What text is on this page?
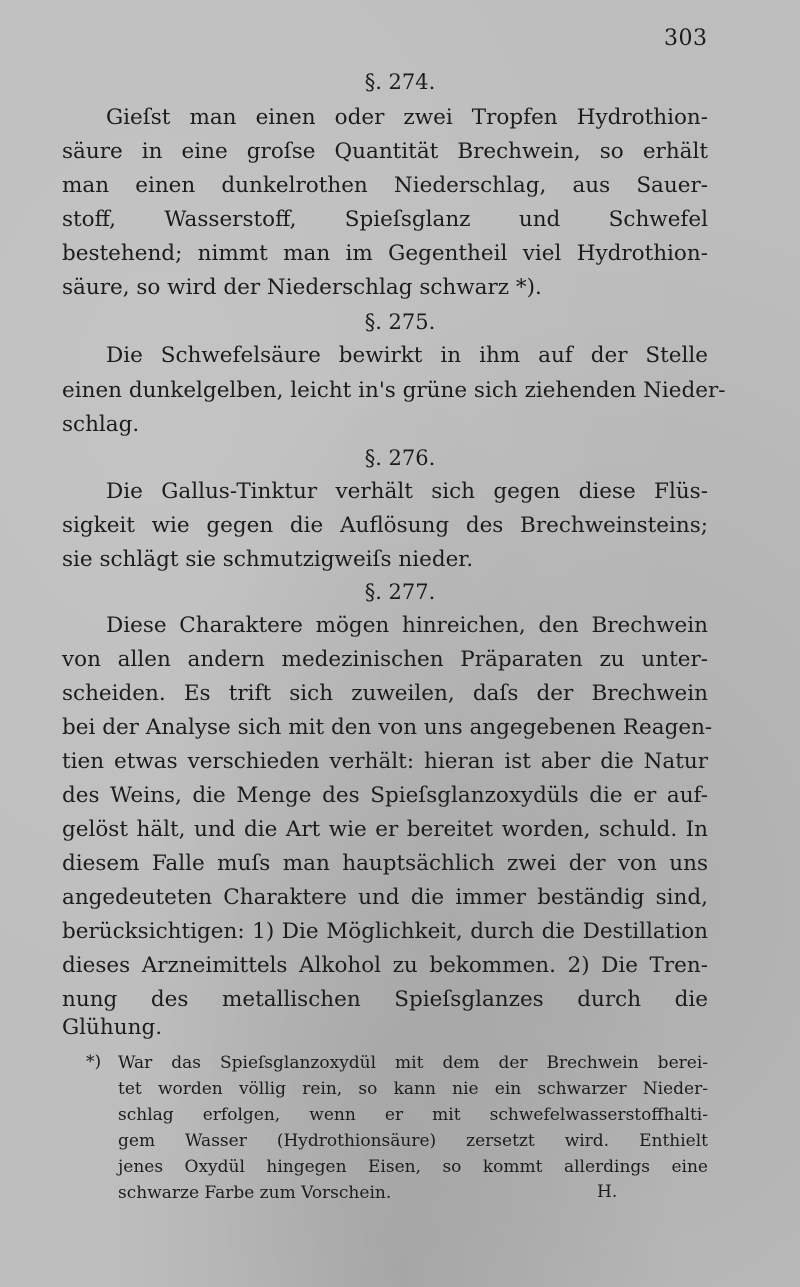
303
§. 274.
Gieſst man einen oder zwei Tropfen Hydrothion-
säure in eine groſse Quantität Brechwein, so erhält
man einen dunkelrothen Niederschlag, aus Sauer-
stoff, Wasserstoff, Spieſsglanz und Schwefel
bestehend; nimmt man im Gegentheil viel Hydrothion-
säure, so wird der Niederschlag schwarz *).
§. 275.
Die Schwefelsäure bewirkt in ihm auf der Stelle
einen dunkelgelben, leicht in's grüne sich ziehenden Nieder-
schlag.
§. 276.
Die Gallus-Tinktur verhält sich gegen diese Flüs-
sigkeit wie gegen die Auflösung des Brechweinsteins;
sie schlägt sie schmutzigweiſs nieder.
§. 277.
Diese Charaktere mögen hinreichen, den Brechwein
von allen andern medezinischen Präparaten zu unter-
scheiden. Es trift sich zuweilen, daſs der Brechwein
bei der Analyse sich mit den von uns angegebenen Reagen-
tien etwas verschieden verhält: hieran ist aber die Natur
des Weins, die Menge des Spieſsglanzoxydüls die er auf-
gelöst hält, und die Art wie er bereitet worden, schuld. In
diesem Falle muſs man hauptsächlich zwei der von uns
angedeuteten Charaktere und die immer beständig sind,
berücksichtigen: 1) Die Möglichkeit, durch die Destillation
dieses Arzneimittels Alkohol zu bekommen. 2) Die Tren-
nung des metallischen Spieſsglanzes durch die
Glühung.
*) War das Spieſsglanzoxydül mit dem der Brechwein berei-
tet worden völlig rein, so kann nie ein schwarzer Nieder-
schlag erfolgen, wenn er mit schwefelwasserstoffhalti-
gem Wasser (Hydrothionsäure) zersetzt wird. Enthielt
jenes Oxydül hingegen Eisen, so kommt allerdings eine
schwarze Farbe zum Vorschein.	H.
